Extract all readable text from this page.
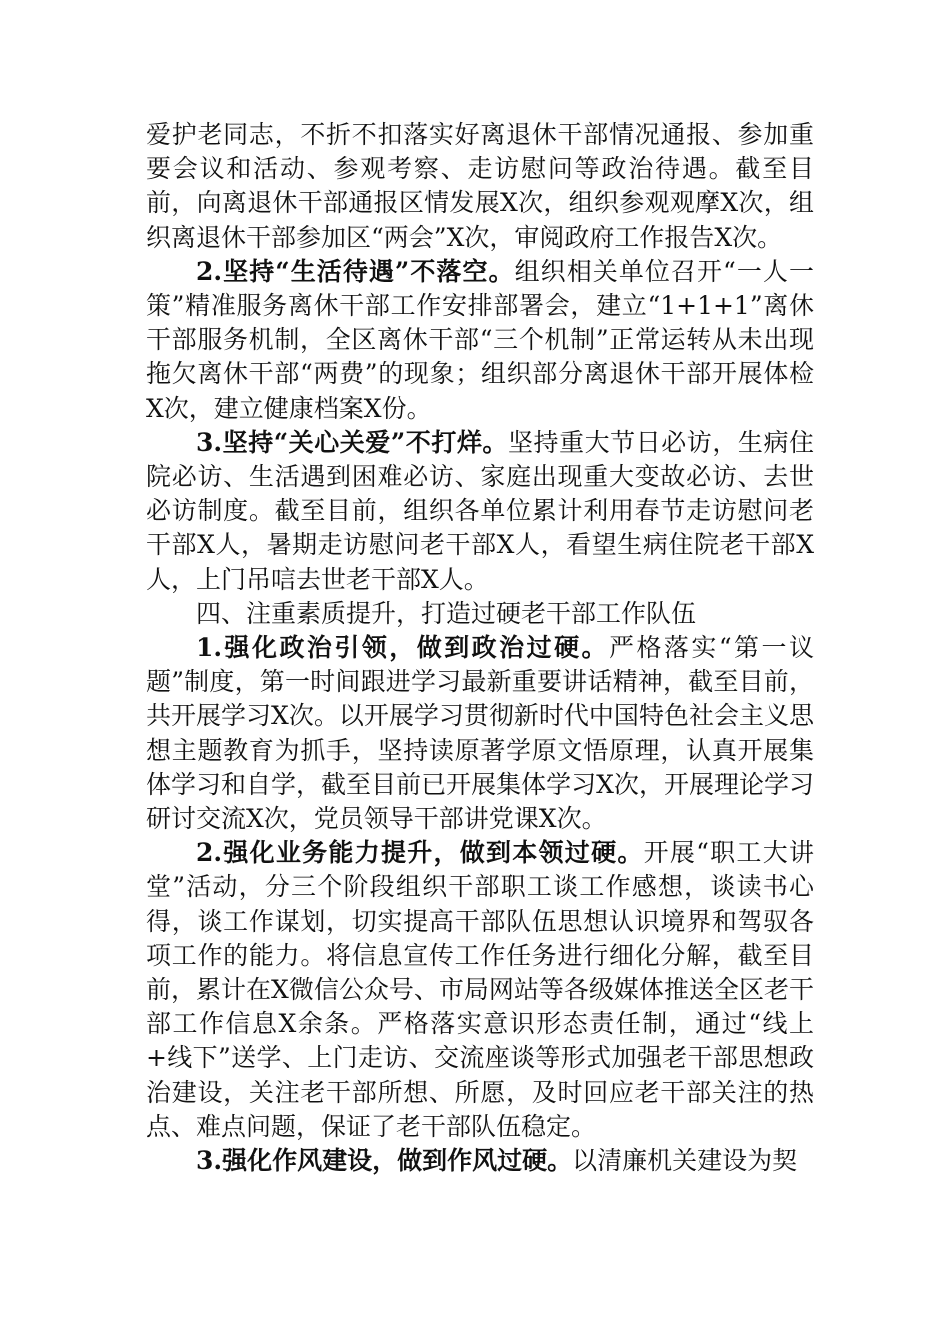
爱护老同志，不折不扣落实好离退休干部情况通报、参加重要会议和活动、参观考察、走访慰问等政治待遇。截至目前，向离退休干部通报区情发展X次，组织参观观摩X次，组织离退休干部参加区“两会”X次，审阅政府工作报告X次。

2.坚持“生活待遇”不落空。组织相关单位召开“一人一策”精准服务离休干部工作安排部署会，建立“1+1+1”离休干部服务机制，全区离休干部“三个机制”正常运转从未出现拖欠离休干部“两费”的现象；组织部分离退休干部开展体检X次，建立健康档案X份。

3.坚持“关心关爱”不打烊。坚持重大节日必访，生病住院必访、生活遇到困难必访、家庭出现重大变故必访、去世必访制度。截至目前，组织各单位累计利用春节走访慰问老干部X人，暑期走访慰问老干部X人，看望生病住院老干部X人，上门吊唁去世老干部X人。

四、注重素质提升，打造过硬老干部工作队伍

1.强化政治引领，做到政治过硬。严格落实“第一议题”制度，第一时间跟进学习最新重要讲话精神，截至目前，共开展学习X次。以开展学习贯彻新时代中国特色社会主义思想主题教育为抓手，坚持读原著学原文悟原理，认真开展集体学习和自学，截至目前已开展集体学习X次，开展理论学习研讨交流X次，党员领导干部讲党课X次。

2.强化业务能力提升，做到本领过硬。开展“职工大讲堂”活动，分三个阶段组织干部职工谈工作感想，谈读书心得，谈工作谋划，切实提高干部队伍思想认识境界和驾驭各项工作的能力。将信息宣传工作任务进行细化分解，截至目前，累计在X微信公众号、市局网站等各级媒体推送全区老干部工作信息X余条。严格落实意识形态责任制，通过“线上+线下”送学、上门走访、交流座谈等形式加强老干部思想政治建设，关注老干部所想、所愿，及时回应老干部关注的热点、难点问题，保证了老干部队伍稳定。

3.强化作风建设，做到作风过硬。以清廉机关建设为契
